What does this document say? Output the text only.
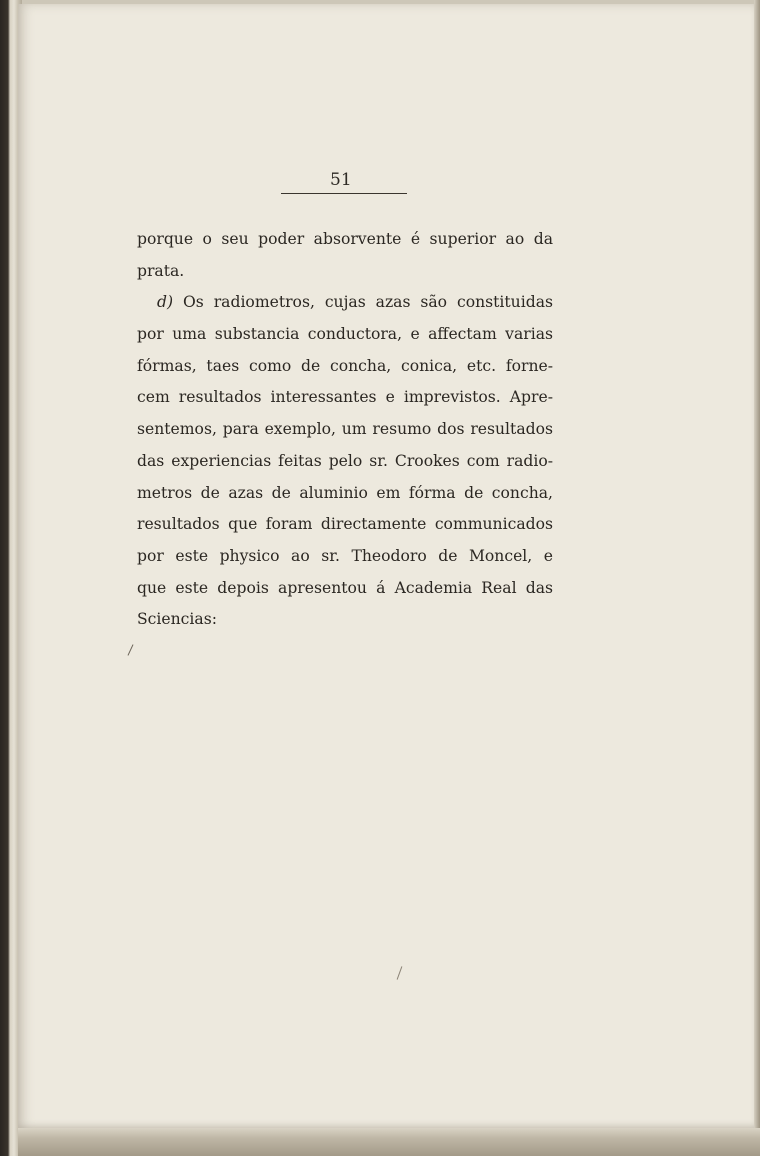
51
porque o seu poder absorvente é superior ao da
prata.
d) Os radiometros, cujas azas são constituidas
por uma substancia conductora, e affectam varias
fórmas, taes como de concha, conica, etc. forne-
cem resultados interessantes e imprevistos. Apre-
sentemos, para exemplo, um resumo dos resultados
das experiencias feitas pelo sr. Crookes com radio-
metros de azas de aluminio em fórma de concha,
resultados que foram directamente communicados
por este physico ao sr. Theodoro de Moncel, e
que este depois apresentou á Academia Real das
Sciencias:
